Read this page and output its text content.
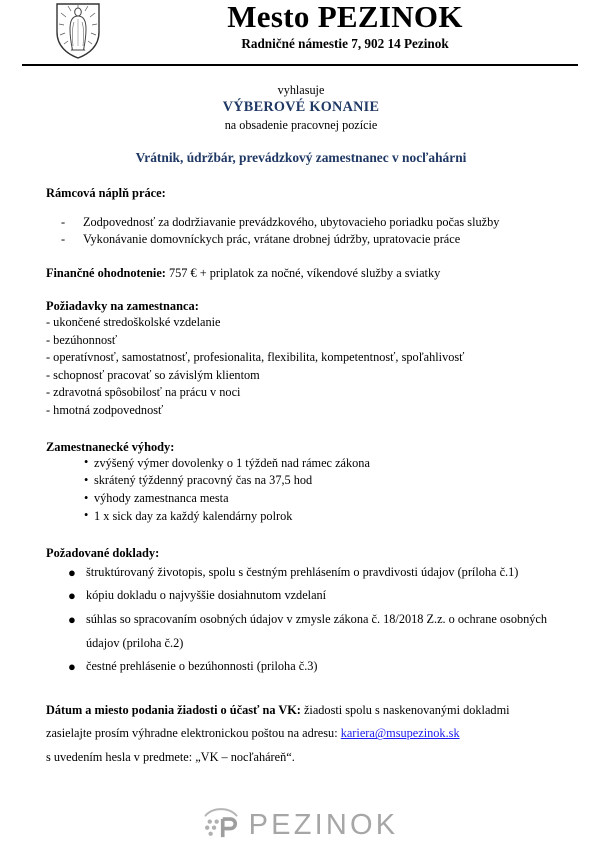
Mesto PEZINOK
Radničné námestie 7, 902 14 Pezinok
vyhlasuje
VÝBEROVÉ KONANIE
na obsadenie pracovnej pozície
Vrátnik, údržbár, prevádzkový zamestnanec v nocľahárni
Rámcová náplň práce:
- Zodpovednosť za dodržiavanie prevádzkového, ubytovacieho poriadku počas služby
- Vykonávanie domovníckych prác, vrátane drobnej údržby, upratovacie práce
Finančné ohodnotenie: 757 € + priplatok za nočné, víkendové služby a sviatky
Požiadavky na zamestnanca:
- ukončené stredoškolské vzdelanie
- bezúhonnosť
- operatívnosť, samostatnosť, profesionalita, flexibilita, kompetentnosť, spoľahlivosť
- schopnosť pracovať so závislým klientom
- zdravotná spôsobilosť na prácu v noci
- hmotná zodpovednosť
Zamestnanecké výhody:
• zvýšený výmer dovolenky o 1 týždeň nad rámec zákona
• skrátený týždenný pracovný čas na 37,5 hod
• výhody zamestnanca mesta
• 1 x sick day za každý kalendárny polrok
Požadované doklady:
● štruktúrovaný životopis, spolu s čestným prehlásením o pravdivosti údajov (príloha č.1)
● kópiu dokladu o najvyššie dosiahnutom vzdelaní
● súhlas so spracovaním osobných údajov v zmysle zákona č. 18/2018 Z.z. o ochrane osobných údajov (priloha č.2)
● čestné prehlásenie o bezúhonnosti (priloha č.3)
Dátum a miesto podania žiadosti o účasť na VK: žiadosti spolu s naskenovanými dokladmi zasielajte prosím výhradne elektronickou poštou na adresu: kariera@msupezinok.sk
s uvedením hesla v predmete: „VK – nocľaháreň“.
PEZINOK
